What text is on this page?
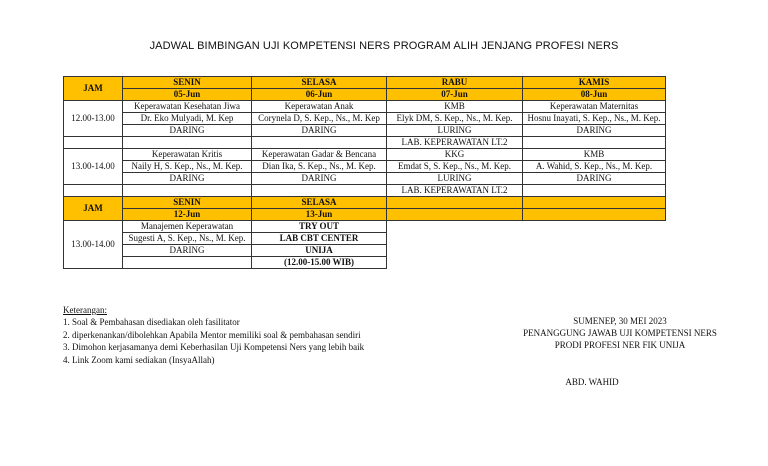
JADWAL BIMBINGAN UJI KOMPETENSI NERS PROGRAM ALIH JENJANG PROFESI NERS
JAM	SENIN	SELASA	RABU	KAMIS
	05-Jun	06-Jun	07-Jun	08-Jun
12.00-13.00	Keperawatan Kesehatan Jiwa	Keperawatan Anak	KMB	Keperawatan Maternitas
	Dr. Eko Mulyadi, M. Kep	Corynela D, S. Kep., Ns., M. Kep	Elyk DM, S. Kep., Ns., M. Kep.	Hosnu Inayati, S. Kep., Ns., M. Kep.
	DARING	DARING	LURING	DARING
			LAB. KEPERAWATAN LT.2	
13.00-14.00	Keperawatan Kritis	Keperawatan Gadar & Bencana	KKG	KMB
	Naily H, S. Kep., Ns., M. Kep.	Dian Ika, S. Kep., Ns., M. Kep.	Emdat S, S. Kep., Ns., M. Kep.	A. Wahid, S. Kep., Ns., M. Kep.
	DARING	DARING	LURING	DARING
			LAB. KEPERAWATAN LT.2	
JAM	SENIN	SELASA		
	12-Jun	13-Jun		
13.00-14.00	Manajemen Keperawatan	TRY OUT		
	Sugesti A, S. Kep., Ns., M. Kep.	LAB CBT CENTER		
	DARING	UNIJA		
		(12.00-15.00 WIB)		
Keterangan:
1. Soal & Pembahasan disediakan oleh fasilitator
2. diperkenankan/dibolehkan Apabila Mentor memiliki soal & pembahasan sendiri
3. Dimohon kerjasamanya demi Keberhasilan Uji Kompetensi Ners yang lebih baik
4. Link Zoom kami sediakan (InsyaAllah)
SUMENEP, 30 MEI 2023
PENANGGUNG JAWAB UJI KOMPETENSI NERS
PRODI PROFESI NER FIK UNIJA
ABD. WAHID
